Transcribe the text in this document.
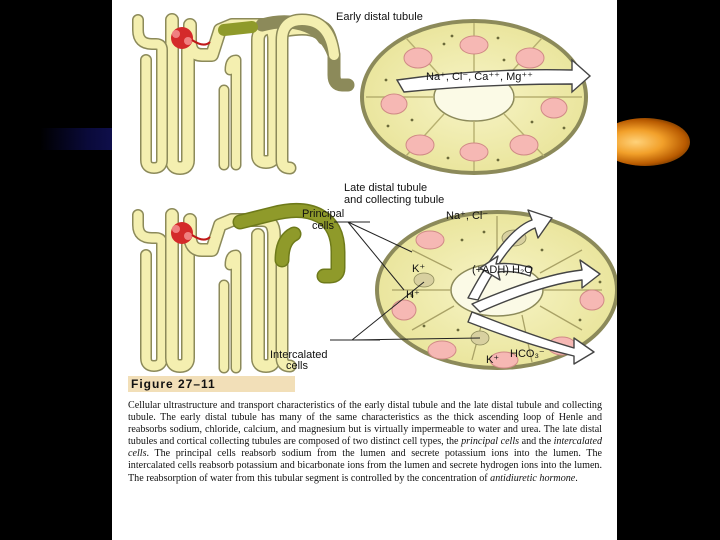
Early distal tubule
Na⁺, Cl⁻, Ca⁺⁺, Mg⁺⁺
Late distal tubule
and collecting tubule
Principal
cells
Na⁺, Cl⁻
K⁺
H⁺
(+ADH) H₂O
Intercalated
cells
HCO₃⁻
K⁺
Figure 27–11
Cellular ultrastructure and transport characteristics of the early distal tubule and the late distal tubule and collecting tubule. The early distal tubule has many of the same characteristics as the thick ascending loop of Henle and reabsorbs sodium, chloride, calcium, and magnesium but is virtually impermeable to water and urea. The late distal tubules and cortical collecting tubules are composed of two distinct cell types, the principal cells and the intercalated cells. The principal cells reabsorb sodium from the lumen and secrete potassium ions into the lumen. The intercalated cells reabsorb potassium and bicarbonate ions from the lumen and secrete hydrogen ions into the lumen. The reabsorption of water from this tubular segment is controlled by the concentration of antidiuretic hormone.
